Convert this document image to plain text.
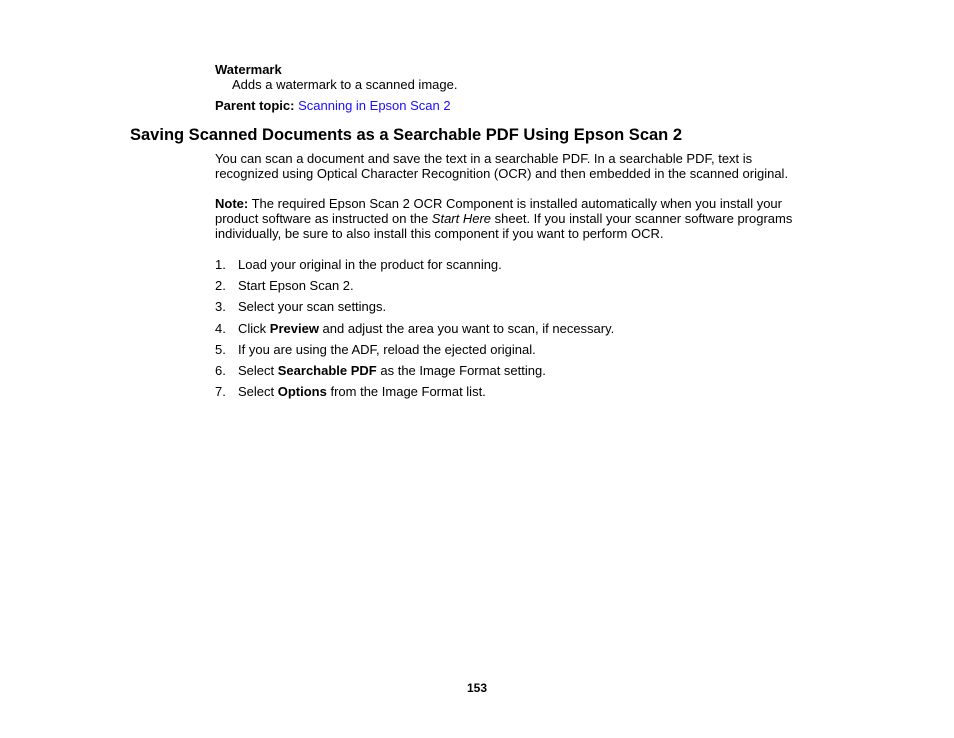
Watermark
Adds a watermark to a scanned image.
Parent topic: Scanning in Epson Scan 2
Saving Scanned Documents as a Searchable PDF Using Epson Scan 2
You can scan a document and save the text in a searchable PDF. In a searchable PDF, text is
recognized using Optical Character Recognition (OCR) and then embedded in the scanned original.
Note: The required Epson Scan 2 OCR Component is installed automatically when you install your
product software as instructed on the Start Here sheet. If you install your scanner software programs
individually, be sure to also install this component if you want to perform OCR.
1. Load your original in the product for scanning.
2. Start Epson Scan 2.
3. Select your scan settings.
4. Click Preview and adjust the area you want to scan, if necessary.
5. If you are using the ADF, reload the ejected original.
6. Select Searchable PDF as the Image Format setting.
7. Select Options from the Image Format list.
153
